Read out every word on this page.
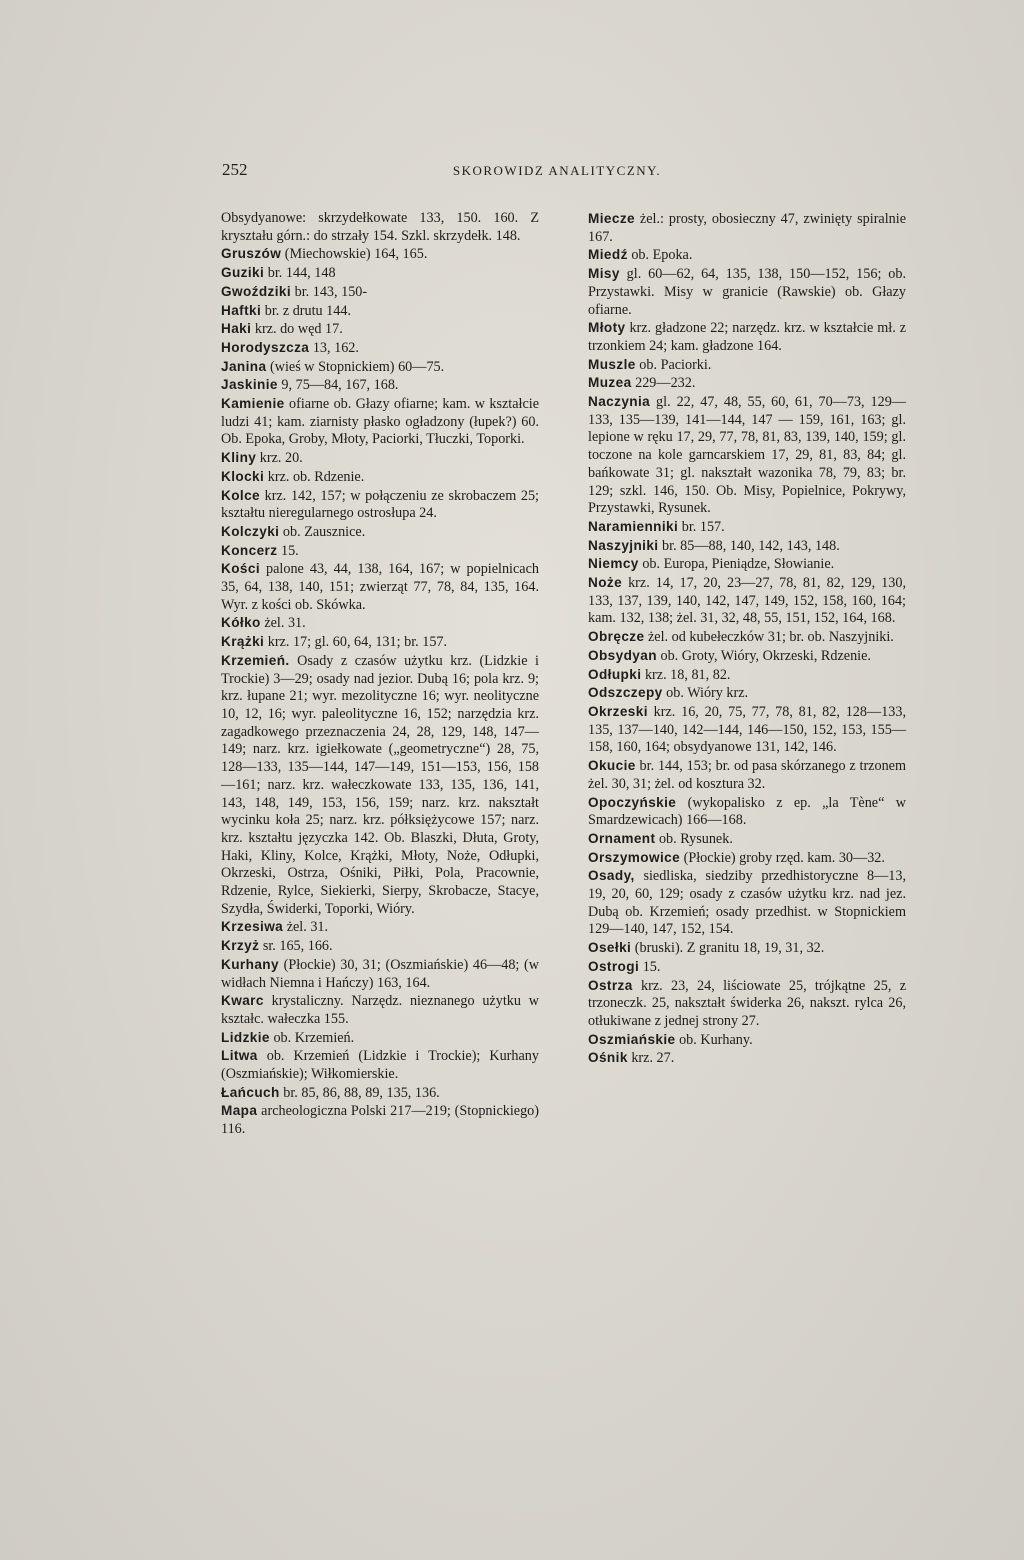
252	SKOROWIDZ ANALITYCZNY.

Obsydyanowe: skrzydełkowate 133, 150. 160. Z kryształu górn.: do strzały 154. Szkl. skrzydełk. 148.

Gruszów (Miechowskie) 164, 165.

Guziki br. 144, 148

Gwoździki br. 143, 150-

Haftki br. z drutu 144.

Haki krz. do węd 17.

Horodyszcza 13, 162.

Janina (wieś w Stopnickiem) 60—75.

Jaskinie 9, 75—84, 167, 168.

Kamienie ofiarne ob. Głazy ofiarne; kam. w kształcie ludzi 41; kam. ziarnisty płasko ogładzony (łupek?) 60. Ob. Epoka, Groby, Młoty, Paciorki, Tłuczki, Toporki.

Kliny krz. 20.

Klocki krz. ob. Rdzenie.

Kolce krz. 142, 157; w połączeniu ze skrobaczem 25; kształtu nieregularnego ostrosłupa 24.

Kolczyki ob. Zausznice.

Koncerz 15.

Kości palone 43, 44, 138, 164, 167; w popielnicach 35, 64, 138, 140, 151; zwierząt 77, 78, 84, 135, 164. Wyr. z kości ob. Skówka.

Kółko żel. 31.

Krążki krz. 17; gl. 60, 64, 131; br. 157.

Krzemień. Osady z czasów użytku krz. (Lidzkie i Trockie) 3—29; osady nad jezior. Dubą 16; pola krz. 9; krz. łupane 21; wyr. mezolityczne 16; wyr. neolityczne 10, 12, 16; wyr. paleolityczne 16, 152; narzędzia krz. zagadkowego przeznaczenia 24, 28, 129, 148, 147—149; narz. krz. igiełkowate („geometryczne“) 28, 75, 128—133, 135—144, 147—149, 151—153, 156, 158—161; narz. krz. wałeczkowate 133, 135, 136, 141, 143, 148, 149, 153, 156, 159; narz. krz. nakształt wycinku koła 25; narz. krz. półksiężycowe 157; narz. krz. kształtu języczka 142. Ob. Blaszki, Dłuta, Groty, Haki, Kliny, Kolce, Krążki, Młoty, Noże, Odłupki, Okrzeski, Ostrza, Ośniki, Piłki, Pola, Pracownie, Rdzenie, Rylce, Siekierki, Sierpy, Skrobacze, Stacye, Szydła, Świderki, Toporki, Wióry.

Krzesiwa żel. 31.

Krzyż sr. 165, 166.

Kurhany (Płockie) 30, 31; (Oszmiańskie) 46—48; (w widłach Niemna i Hańczy) 163, 164.

Kwarc krystaliczny. Narzędz. nieznanego użytku w kształc. wałeczka 155.

Lidzkie ob. Krzemień.

Litwa ob. Krzemień (Lidzkie i Trockie); Kurhany (Oszmiańskie); Wiłkomierskie.

Łańcuch br. 85, 86, 88, 89, 135, 136.

Mapa archeologiczna Polski 217—219; (Stopnickiego) 116.

Miecze żel.: prosty, obosieczny 47, zwinięty spiralnie 167.

Miedź ob. Epoka.

Misy gl. 60—62, 64, 135, 138, 150—152, 156; ob. Przystawki. Misy w granicie (Rawskie) ob. Głazy ofiarne.

Młoty krz. gładzone 22; narzędz. krz. w kształcie mł. z trzonkiem 24; kam. gładzone 164.

Muszle ob. Paciorki.

Muzea 229—232.

Naczynia gl. 22, 47, 48, 55, 60, 61, 70—73, 129—133, 135—139, 141—144, 147 — 159, 161, 163; gl. lepione w ręku 17, 29, 77, 78, 81, 83, 139, 140, 159; gl. toczone na kole garncarskiem 17, 29, 81, 83, 84; gl. bańkowate 31; gl. nakształt wazonika 78, 79, 83; br. 129; szkl. 146, 150. Ob. Misy, Popielnice, Pokrywy, Przystawki, Rysunek.

Naramienniki br. 157.

Naszyjniki br. 85—88, 140, 142, 143, 148.

Niemcy ob. Europa, Pieniądze, Słowianie.

Noże krz. 14, 17, 20, 23—27, 78, 81, 82, 129, 130, 133, 137, 139, 140, 142, 147, 149, 152, 158, 160, 164; kam. 132, 138; żel. 31, 32, 48, 55, 151, 152, 164, 168.

Obręcze żel. od kubełeczków 31; br. ob. Naszyjniki.

Obsydyan ob. Groty, Wióry, Okrzeski, Rdzenie.

Odłupki krz. 18, 81, 82.

Odszczepy ob. Wióry krz.

Okrzeski krz. 16, 20, 75, 77, 78, 81, 82, 128—133, 135, 137—140, 142—144, 146—150, 152, 153, 155—158, 160, 164; obsydyanowe 131, 142, 146.

Okucie br. 144, 153; br. od pasa skórzanego z trzonem żel. 30, 31; żel. od kosztura 32.

Opoczyńskie (wykopalisko z ep. „la Tène“ w Smardzewicach) 166—168.

Ornament ob. Rysunek.

Orszymowice (Płockie) groby rzęd. kam. 30—32.

Osady, siedliska, siedziby przedhistoryczne 8—13, 19, 20, 60, 129; osady z czasów użytku krz. nad jez. Dubą ob. Krzemień; osady przedhist. w Stopnickiem 129—140, 147, 152, 154.

Osełki (bruski). Z granitu 18, 19, 31, 32.

Ostrogi 15.

Ostrza krz. 23, 24, liściowate 25, trójkątne 25, z trzoneczk. 25, nakształt świderka 26, nakszt. rylca 26, otłukiwane z jednej strony 27.

Oszmiańskie ob. Kurhany.

Ośnik krz. 27.
